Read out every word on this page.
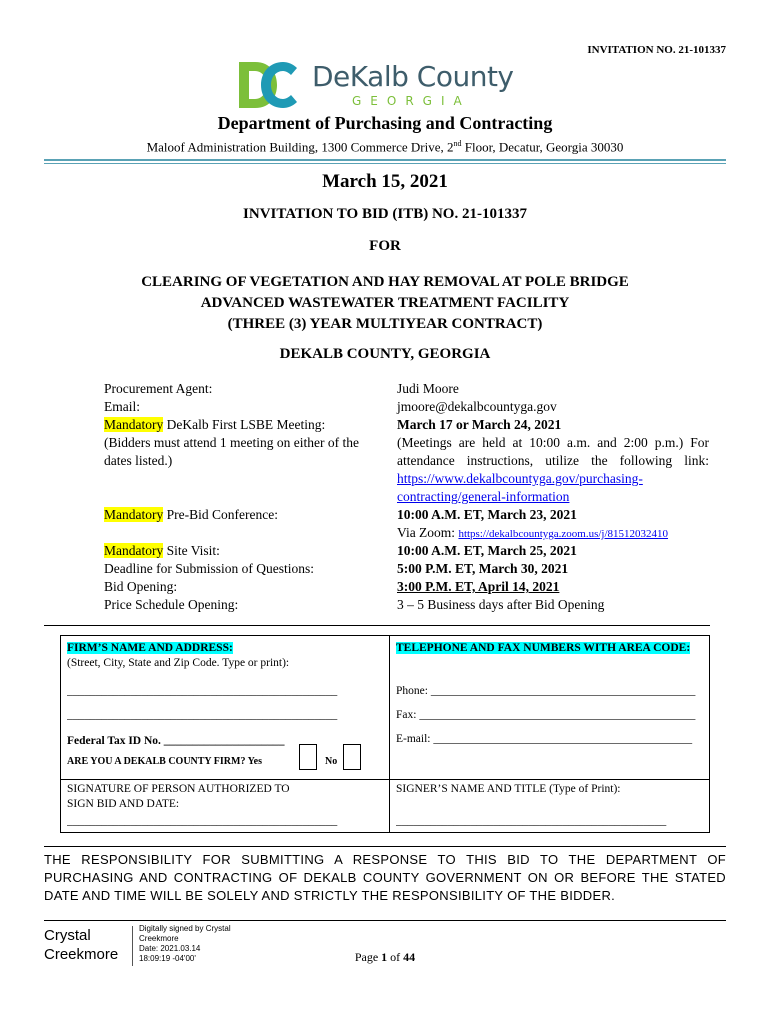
INVITATION NO. 21-101337
DeKalb County
GEORGIA
Department of Purchasing and Contracting
Maloof Administration Building, 1300 Commerce Drive, 2nd Floor, Decatur, Georgia 30030
March 15, 2021
INVITATION TO BID (ITB) NO. 21-101337
FOR
CLEARING OF VEGETATION AND HAY REMOVAL AT POLE BRIDGE
ADVANCED WASTEWATER TREATMENT FACILITY
(THREE (3) YEAR MULTIYEAR CONTRACT)
DEKALB COUNTY, GEORGIA
Procurement Agent:	Judi Moore
Email:	jmoore@dekalbcountyga.gov
Mandatory DeKalb First LSBE Meeting:	March 17 or March 24, 2021
(Bidders must attend 1 meeting on either of the dates listed.)
(Meetings are held at 10:00 a.m. and 2:00 p.m.) For attendance instructions, utilize the following link: https://www.dekalbcountyga.gov/purchasing-contracting/general-information
Mandatory Pre-Bid Conference:	10:00 A.M. ET, March 23, 2021
Via Zoom: https://dekalbcountyga.zoom.us/j/81512032410
Mandatory Site Visit:	10:00 A.M. ET, March 25, 2021
Deadline for Submission of Questions:	5:00 P.M. ET, March 30, 2021
Bid Opening:	3:00 P.M. ET, April 14, 2021
Price Schedule Opening:	3 – 5 Business days after Bid Opening
FIRM’S NAME AND ADDRESS:
(Street, City, State and Zip Code. Type or print):
_______________________________________________
_______________________________________________
Federal Tax ID No. _____________________
ARE YOU A DEKALB COUNTY FIRM? Yes	No
TELEPHONE AND FAX NUMBERS WITH AREA CODE:
Phone: ______________________________________________
Fax: ________________________________________________
E-mail: _____________________________________________
SIGNATURE OF PERSON AUTHORIZED TO SIGN BID AND DATE:
_______________________________________________
SIGNER’S NAME AND TITLE (Type of Print):
_______________________________________________
THE RESPONSIBILITY FOR SUBMITTING A RESPONSE TO THIS BID TO THE DEPARTMENT OF PURCHASING AND CONTRACTING OF DEKALB COUNTY GOVERNMENT ON OR BEFORE THE STATED DATE AND TIME WILL BE SOLELY AND STRICTLY THE RESPONSIBILITY OF THE BIDDER.
Crystal
Creekmore
Digitally signed by Crystal
Creekmore
Date: 2021.03.14
18:09:19 -04'00'	Page 1 of 44
